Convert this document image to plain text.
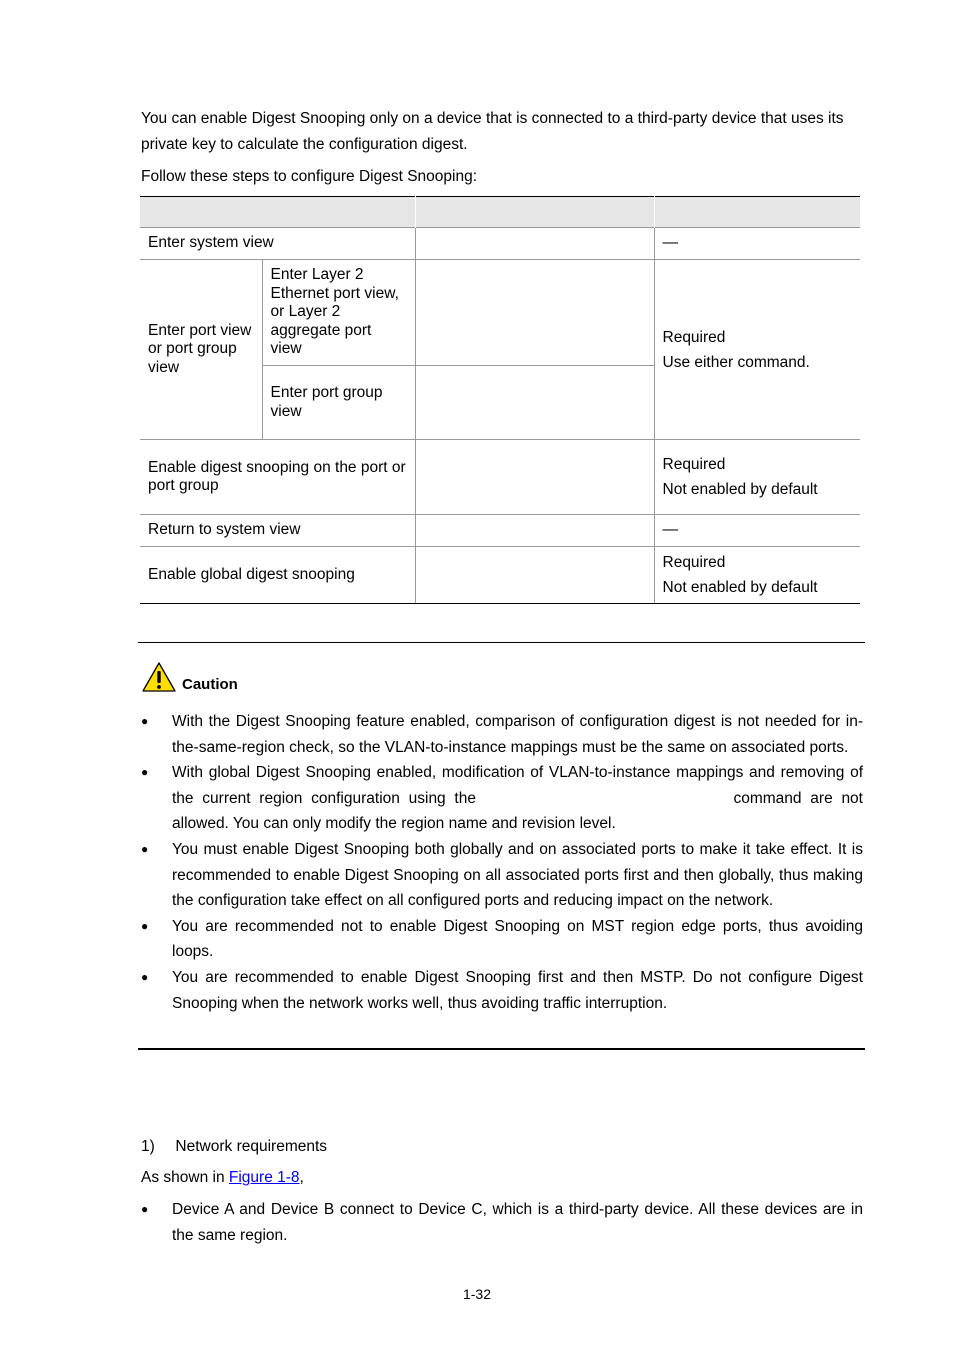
You can enable Digest Snooping only on a device that is connected to a third-party device that uses its
private key to calculate the configuration digest.
Follow these steps to configure Digest Snooping:

Enter system view			—
Enter port view or port group view	Enter Layer 2 Ethernet port view, or Layer 2 aggregate port view		Required
Use either command.

	Enter port group view		
Enable digest snooping on the port or port group			Required
Not enabled by default

Return to system view			—
Enable global digest snooping			Required
Not enabled by default
Caution
● With the Digest Snooping feature enabled, comparison of configuration digest is not needed for in-the-same-region check, so the VLAN-to-instance mappings must be the same on associated ports.
● With global Digest Snooping enabled, modification of VLAN-to-instance mappings and removing of the current region configuration using the	command are not allowed. You can only modify the region name and revision level.
● You must enable Digest Snooping both globally and on associated ports to make it take effect. It is recommended to enable Digest Snooping on all associated ports first and then globally, thus making the configuration take effect on all configured ports and reducing impact on the network.
● You are recommended not to enable Digest Snooping on MST region edge ports, thus avoiding loops.
● You are recommended to enable Digest Snooping first and then MSTP. Do not configure Digest Snooping when the network works well, thus avoiding traffic interruption.
1) Network requirements
As shown in Figure 1-8,
● Device A and Device B connect to Device C, which is a third-party device. All these devices are in the same region.
1-32
